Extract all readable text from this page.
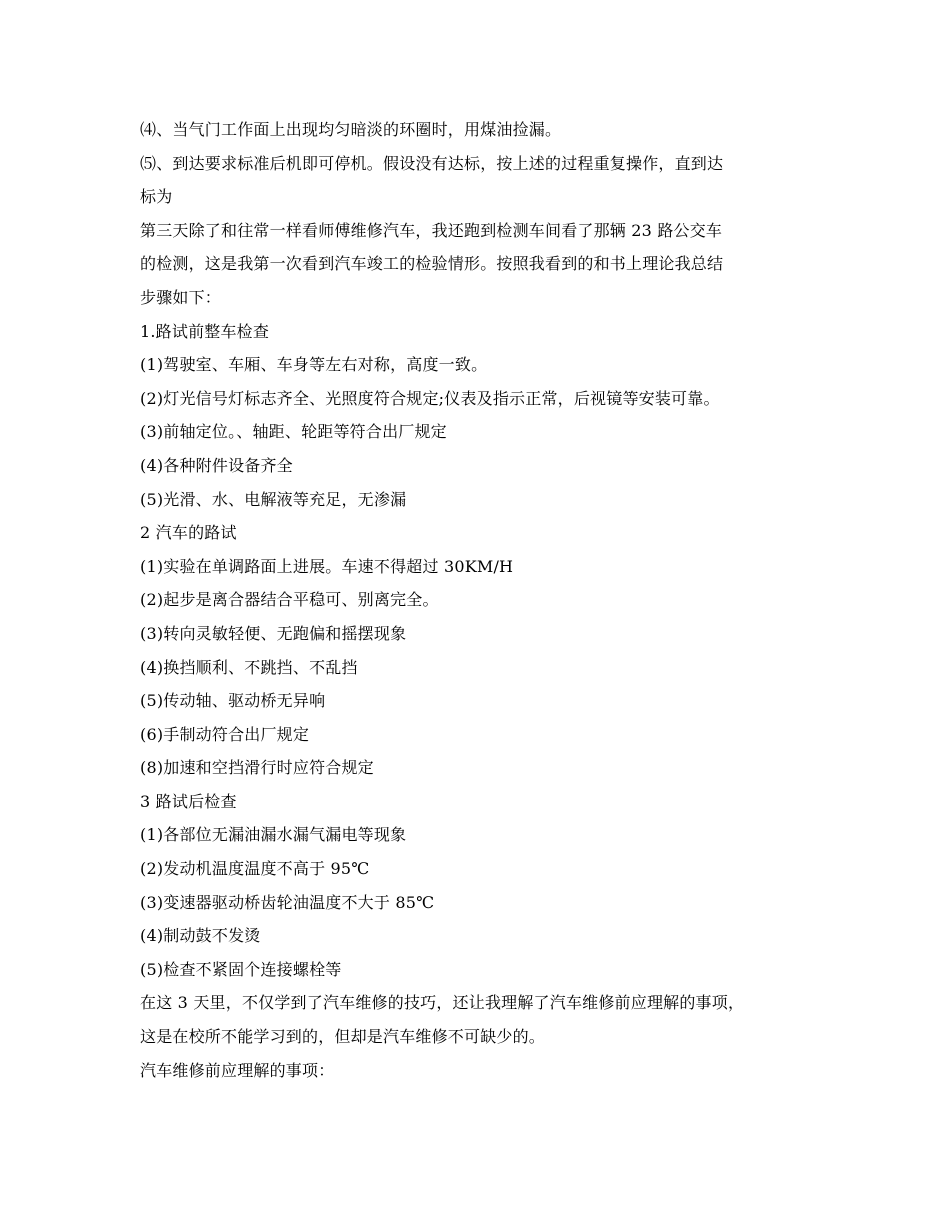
⑷、当气门工作面上出现均匀暗淡的环圈时，用煤油捡漏。
⑸、到达要求标准后机即可停机。假设没有达标，按上述的过程重复操作，直到达
标为
第三天除了和往常一样看师傅维修汽车，我还跑到检测车间看了那辆 23 路公交车
的检测，这是我第一次看到汽车竣工的检验情形。按照我看到的和书上理论我总结
步骤如下：
1.路试前整车检查
(1)驾驶室、车厢、车身等左右对称，高度一致。
(2)灯光信号灯标志齐全、光照度符合规定;仪表及指示正常，后视镜等安装可靠。
(3)前轴定位。、轴距、轮距等符合出厂规定
(4)各种附件设备齐全
(5)光滑、水、电解液等充足，无渗漏
2 汽车的路试
(1)实验在单调路面上进展。车速不得超过 30KM/H
(2)起步是离合器结合平稳可、别离完全。
(3)转向灵敏轻便、无跑偏和摇摆现象
(4)换挡顺利、不跳挡、不乱挡
(5)传动轴、驱动桥无异响
(6)手制动符合出厂规定
(8)加速和空挡滑行时应符合规定
3 路试后检查
(1)各部位无漏油漏水漏气漏电等现象
(2)发动机温度温度不高于 95℃
(3)变速器驱动桥齿轮油温度不大于 85℃
(4)制动鼓不发烫
(5)检查不紧固个连接螺栓等
在这 3 天里，不仅学到了汽车维修的技巧，还让我理解了汽车维修前应理解的事项，
这是在校所不能学习到的，但却是汽车维修不可缺少的。
汽车维修前应理解的事项：
